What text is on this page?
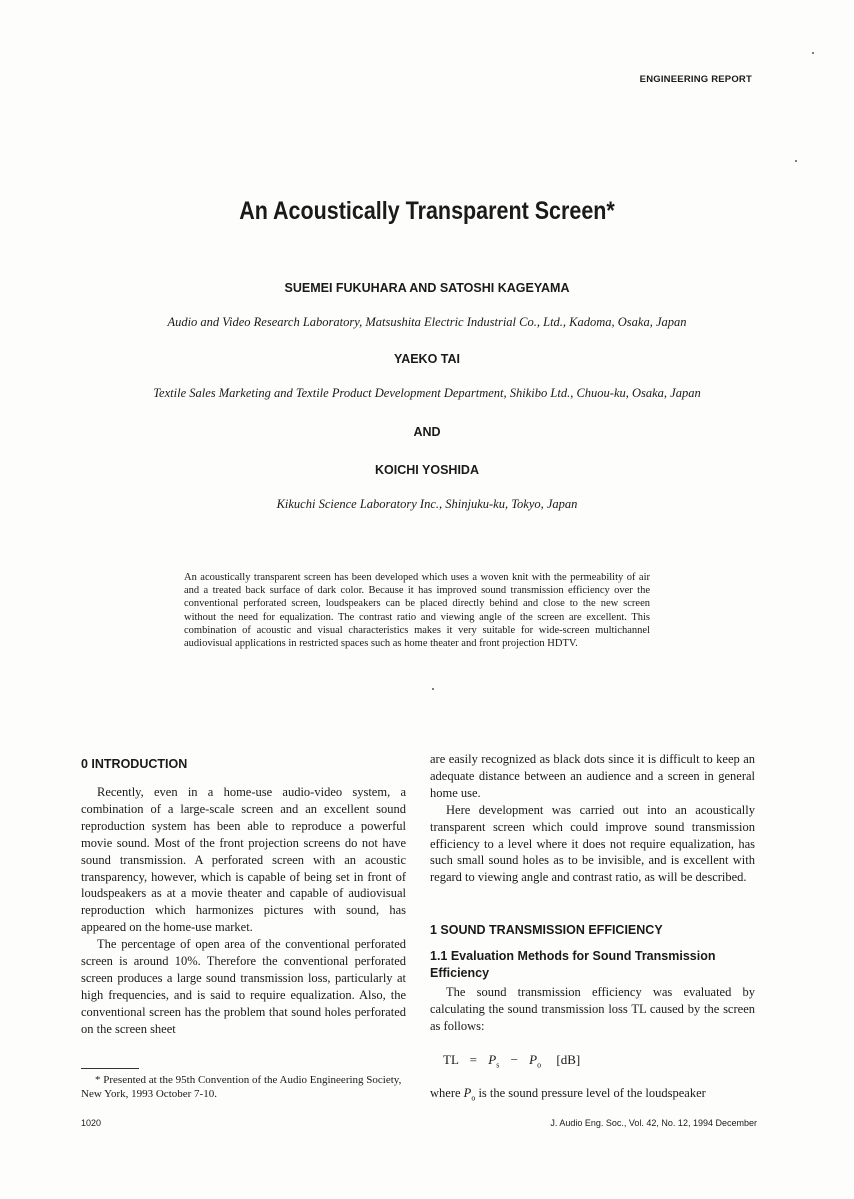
ENGINEERING REPORT
An Acoustically Transparent Screen*
SUEMEI FUKUHARA AND SATOSHI KAGEYAMA
Audio and Video Research Laboratory, Matsushita Electric Industrial Co., Ltd., Kadoma, Osaka, Japan
YAEKO TAI
Textile Sales Marketing and Textile Product Development Department, Shikibo Ltd., Chuou-ku, Osaka, Japan
AND
KOICHI YOSHIDA
Kikuchi Science Laboratory Inc., Shinjuku-ku, Tokyo, Japan
An acoustically transparent screen has been developed which uses a woven knit with the permeability of air and a treated back surface of dark color. Because it has improved sound transmission efficiency over the conventional perforated screen, loudspeakers can be placed directly behind and close to the new screen without the need for equalization. The contrast ratio and viewing angle of the screen are excellent. This combination of acoustic and visual characteristics makes it very suitable for wide-screen multichannel audiovisual applications in restricted spaces such as home theater and front projection HDTV.
0 INTRODUCTION

Recently, even in a home-use audio-video system, a combination of a large-scale screen and an excellent sound reproduction system has been able to reproduce a powerful movie sound. Most of the front projection screens do not have sound transmission. A perforated screen with an acoustic transparency, however, which is capable of being set in front of loudspeakers as at a movie theater and capable of audiovisual reproduction which harmonizes pictures with sound, has appeared on the home-use market.

The percentage of open area of the conventional perforated screen is around 10%. Therefore the conventional perforated screen produces a large sound transmission loss, particularly at high frequencies, and is said to require equalization. Also, the conventional screen has the problem that sound holes perforated on the screen sheet

* Presented at the 95th Convention of the Audio Engineering Society, New York, 1993 October 7-10.

are easily recognized as black dots since it is difficult to keep an adequate distance between an audience and a screen in general home use.

Here development was carried out into an acoustically transparent screen which could improve sound transmission efficiency to a level where it does not require equalization, has such small sound holes as to be invisible, and is excellent with regard to viewing angle and contrast ratio, as will be described.

1 SOUND TRANSMISSION EFFICIENCY
1.1 Evaluation Methods for Sound Transmission Efficiency

The sound transmission efficiency was evaluated by calculating the sound transmission loss TL caused by the screen as follows:

TL = $P_s - P_o$ [dB]
where $P_o$ is the sound pressure level of the loudspeaker
1020	J. Audio Eng. Soc., Vol. 42, No. 12, 1994 December
